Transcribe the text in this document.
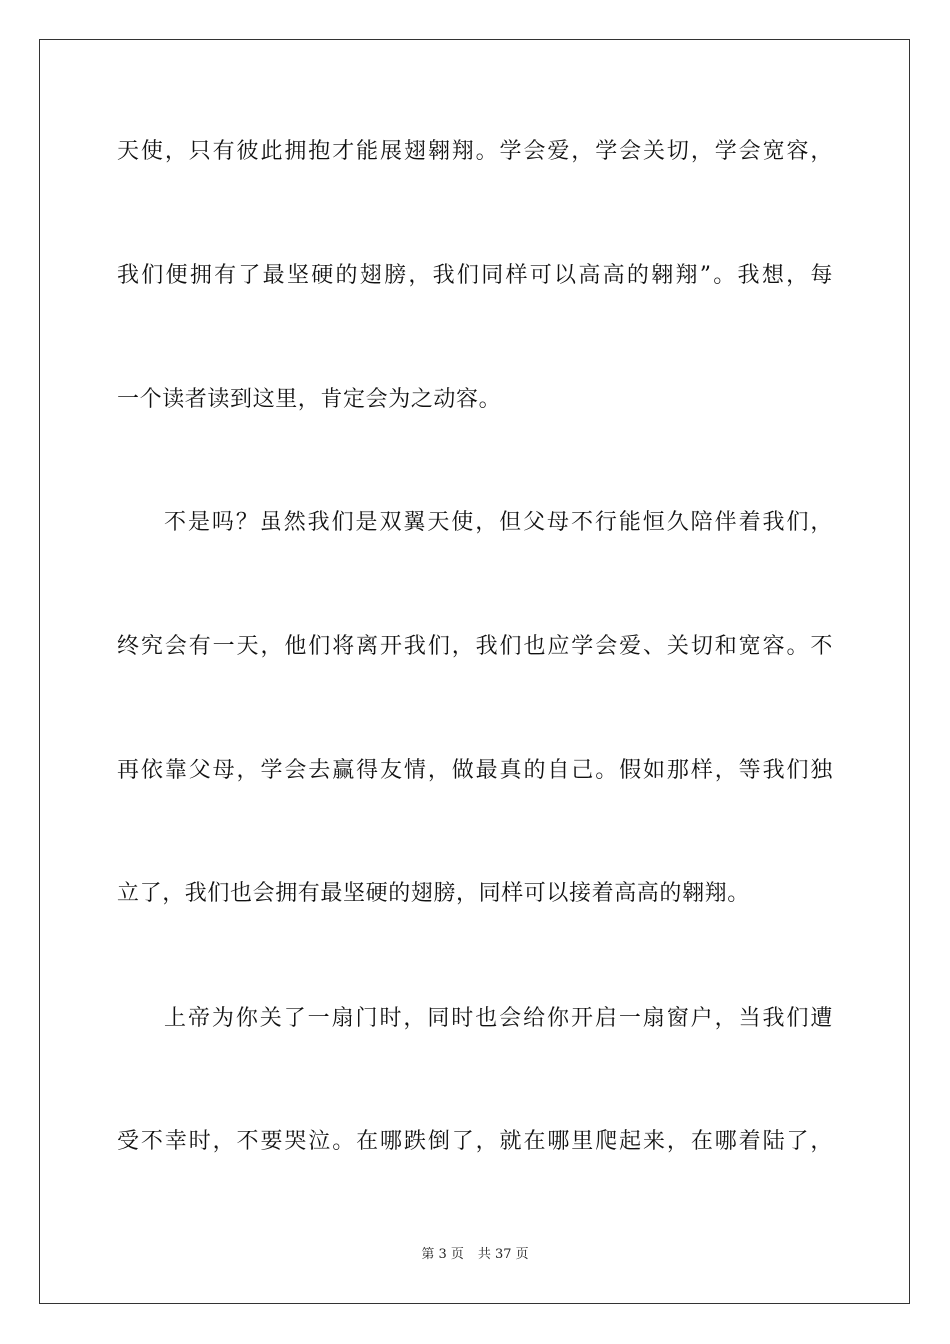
天使，只有彼此拥抱才能展翅翱翔。学会爱，学会关切，学会宽容，
我们便拥有了最坚硬的翅膀，我们同样可以高高的翱翔”。我想，每
一个读者读到这里，肯定会为之动容。
不是吗？虽然我们是双翼天使，但父母不行能恒久陪伴着我们，
终究会有一天，他们将离开我们，我们也应学会爱、关切和宽容。不
再依靠父母，学会去赢得友情，做最真的自己。假如那样，等我们独
立了，我们也会拥有最坚硬的翅膀，同样可以接着高高的翱翔。
上帝为你关了一扇门时，同时也会给你开启一扇窗户，当我们遭
受不幸时，不要哭泣。在哪跌倒了，就在哪里爬起来，在哪着陆了，
第 3 页 共 37 页
